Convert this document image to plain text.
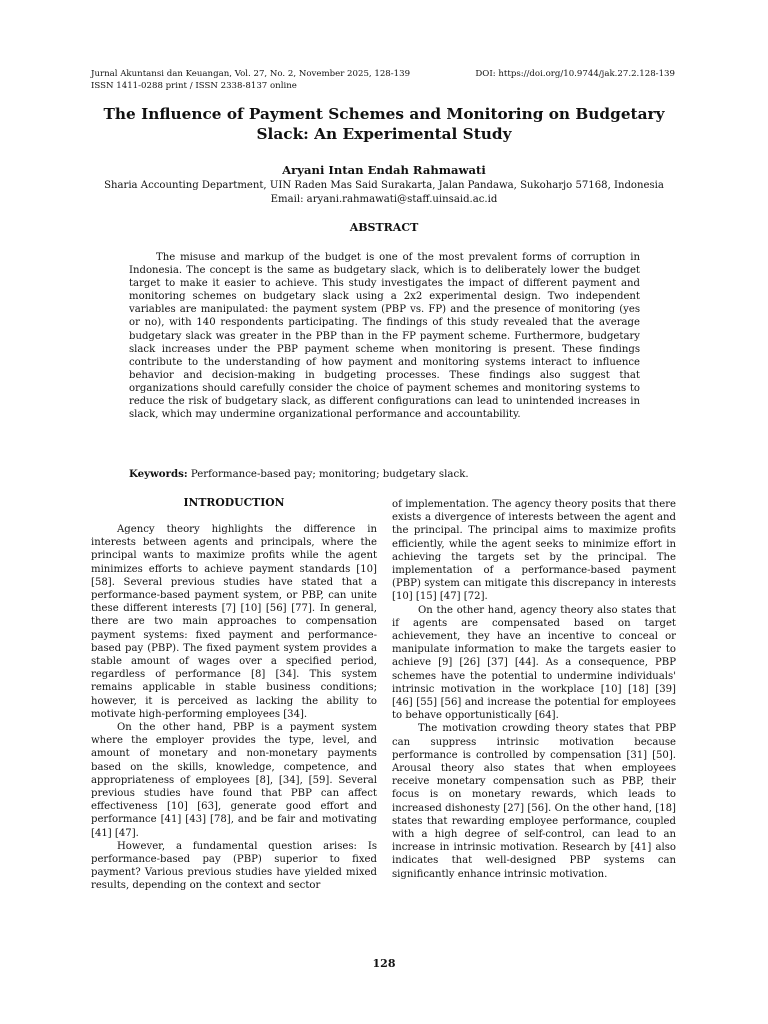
Jurnal Akuntansi dan Keuangan, Vol. 27, No. 2, November 2025, 128-139
ISSN 1411-0288 print / ISSN 2338-8137 online
DOI: https://doi.org/10.9744/jak.27.2.128-139
The Influence of Payment Schemes and Monitoring on Budgetary Slack: An Experimental Study
Aryani Intan Endah Rahmawati
Sharia Accounting Department, UIN Raden Mas Said Surakarta, Jalan Pandawa, Sukoharjo 57168, Indonesia
Email: aryani.rahmawati@staff.uinsaid.ac.id
ABSTRACT

The misuse and markup of the budget is one of the most prevalent forms of corruption in Indonesia. The concept is the same as budgetary slack, which is to deliberately lower the budget target to make it easier to achieve. This study investigates the impact of different payment and monitoring schemes on budgetary slack using a 2x2 experimental design. Two independent variables are manipulated: the payment system (PBP vs. FP) and the presence of monitoring (yes or no), with 140 respondents participating. The findings of this study revealed that the average budgetary slack was greater in the PBP than in the FP payment scheme. Furthermore, budgetary slack increases under the PBP payment scheme when monitoring is present. These findings contribute to the understanding of how payment and monitoring systems interact to influence behavior and decision-making in budgeting processes. These findings also suggest that organizations should carefully consider the choice of payment schemes and monitoring systems to reduce the risk of budgetary slack, as different configurations can lead to unintended increases in slack, which may undermine organizational performance and accountability.

Keywords: Performance-based pay; monitoring; budgetary slack.
INTRODUCTION

Agency theory highlights the difference in interests between agents and principals, where the principal wants to maximize profits while the agent minimizes efforts to achieve payment standards [10] [58]. Several previous studies have stated that a performance-based payment system, or PBP, can unite these different interests [7] [10] [56] [77]. In general, there are two main approaches to compensation payment systems: fixed payment and performance-based pay (PBP). The fixed payment system provides a stable amount of wages over a specified period, regardless of performance [8] [34]. This system remains applicable in stable business conditions; however, it is perceived as lacking the ability to motivate high-performing employees [34].

On the other hand, PBP is a payment system where the employer provides the type, level, and amount of monetary and non-monetary payments based on the skills, knowledge, competence, and appropriateness of employees [8], [34], [59]. Several previous studies have found that PBP can affect effectiveness [10] [63], generate good effort and performance [41] [43] [78], and be fair and motivating [41] [47].

However, a fundamental question arises: Is performance-based pay (PBP) superior to fixed payment? Various previous studies have yielded mixed results, depending on the context and sector

of implementation. The agency theory posits that there exists a divergence of interests between the agent and the principal. The principal aims to maximize profits efficiently, while the agent seeks to minimize effort in achieving the targets set by the principal. The implementation of a performance-based payment (PBP) system can mitigate this discrepancy in interests [10] [15] [47] [72].

On the other hand, agency theory also states that if agents are compensated based on target achievement, they have an incentive to conceal or manipulate information to make the targets easier to achieve [9] [26] [37] [44]. As a consequence, PBP schemes have the potential to undermine individuals' intrinsic motivation in the workplace [10] [18] [39] [46] [55] [56] and increase the potential for employees to behave opportunistically [64].

The motivation crowding theory states that PBP can suppress intrinsic motivation because performance is controlled by compensation [31] [50]. Arousal theory also states that when employees receive monetary compensation such as PBP, their focus is on monetary rewards, which leads to increased dishonesty [27] [56]. On the other hand, [18] states that rewarding employee performance, coupled with a high degree of self-control, can lead to an increase in intrinsic motivation. Research by [41] also indicates that well-designed PBP systems can significantly enhance intrinsic motivation.

128
